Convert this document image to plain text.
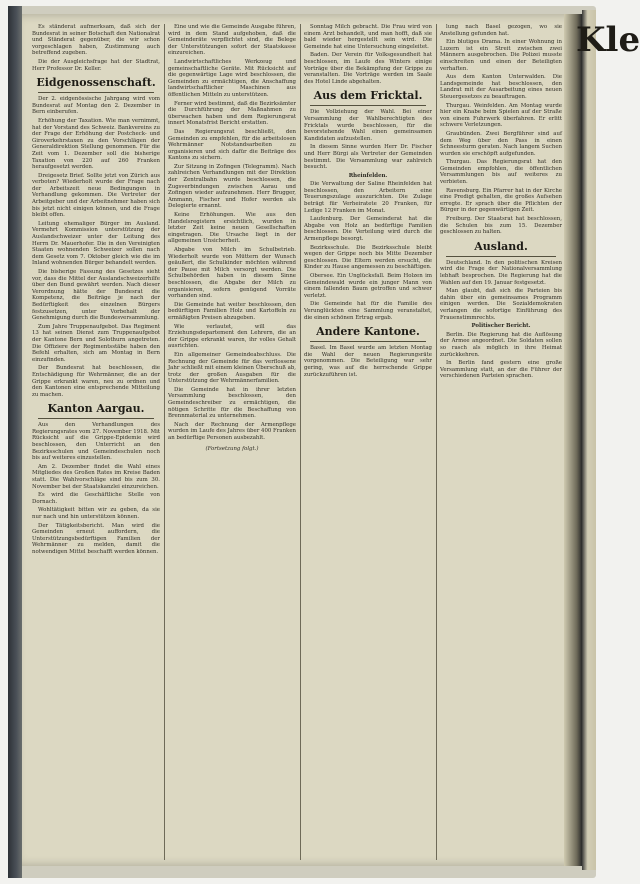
Es ständerat aufmerksam, daß sich der Bundesrat in seiner Botschaft den Nationalrat und Ständerat gegenüber, die wir schon vorgeschlagen haben, Zustimmung auch betreffend zugeben.
Die der Ausgleichsfrage hat der Stadtrat, Herr Professor Dr. Keller.
Eidgenossenschaft.
Der 2. eidgenössische Jahrgang wird vom Bundesrat auf Montag den 2. Dezember in Bern einberufen.
Erhöhung der Taxation. Wie man vernimmt, hat der Vorstand des Schweiz. Bankvereins zu der Frage der Erhöhung der Postcheck- und Giroverkehrstaxen zu den Vorschlägen der Generaldirektion Stellung genommen. Für die Zeit vom 1. Dezember soll die bisherige Taxation von 220 auf 260 Franken heraufgesetzt werden.
Dreigesetz Brief. Sollte jetzt von Zürich aus verboten? Wiederholt wurde der Frage nach der Arbeitszeit neue Bedingungen in Verhandlung gekommen. Die Vertreter der Arbeitgeber und der Arbeitnehmer haben sich bis jetzt nicht einigen können, und die Frage bleibt offen.
Leitung ehemaliger Bürger im Ausland. Vermehrt Kommission unterstützung der Auslandschweizer unter der Leitung des Herrn Dr. Mauerhofer. Die in den Vereinigten Staaten wohnenden Schweizer sollen nach dem Gesetz vom 7. Oktober gleich wie die im Inland wohnenden Bürger behandelt werden.
Die bisherige Fassung des Gesetzes sieht vor, dass die Mittel der Auslandschweizerhilfe über den Bund gewährt werden. Nach dieser Verordnung hätte der Bundesrat die Kompetenz, die Beiträge je nach der Bedürftigkeit des einzelnen Bürgers festzusetzen, unter Vorbehalt der Genehmigung durch die Bundesversammlung.
Zum Jahre Truppenaufgebot. Das Regiment 13 hat seinen Dienst zum Truppenaufgebot der Kantone Bern und Solothurn angetreten. Die Offiziere der Regimentsstäbe haben den Befehl erhalten, sich am Montag in Bern einzufinden.
Der Bundesrat hat beschlossen, die Entschädigung für Wehrmänner, die an der Grippe erkrankt waren, neu zu ordnen und den Kantonen eine entsprechende Mitteilung zu machen.
Kanton Aargau.
Aus den Verhandlungen des Regierungsrates vom 27. November 1918. Mit Rücksicht auf die Grippe-Epidemie wird beschlossen, den Unterricht an den Bezirksschulen und Gemeindeschulen noch bis auf weiteres einzustellen.
Am 2. Dezember findet die Wahl eines Mitgliedes des Großen Rates im Kreise Baden statt. Die Wahlvorschläge sind bis zum 30. November bei der Staatskanzlei einzureichen.
Es wird die Geschäftliche Stelle von Dornach.
Wohltätigkeit bitten wir zu geben, da sie nur nach und hin unterstützen können.
Der Tätigkeitsbericht. Man wird die Gemeinden erneut auffordern, die Unterstützungsbedürftigen Familien der Wehrmänner zu melden, damit die notwendigen Mittel beschafft werden können.
Eine und wie die Gemeinde Ausgabe führen, wird in dem Stand aufgehoben, daß die Gemeinderäte verpflichtet sind, die Belege der Unterstützungen sofort der Staatskasse einzureichen.
Landwirtschaftliches Werkzeug und gemeinschaftliche Geräte. Mit Rücksicht auf die gegenwärtige Lage wird beschlossen, die Gemeinden zu ermächtigen, die Anschaffung landwirtschaftlicher Maschinen aus öffentlichen Mitteln zu unterstützen.
Ferner wird bestimmt, daß die Bezirksämter die Durchführung der Maßnahmen zu überwachen haben und dem Regierungsrat innert Monatsfrist Bericht erstatten.
Das Regierungsrat beschließt, den Gemeinden zu empfehlen, für die arbeitslosen Wehrmänner Notstandsarbeiten zu organisieren und sich dafür die Beiträge des Kantons zu sichern.
Zur Sitzung in Zofingen (Telegramm). Nach zahlreichen Verhandlungen mit der Direktion der Zentralbahn wurde beschlossen, die Zugsverbindungen zwischen Aarau und Zofingen wieder aufzunehmen. Herr Brugger, Ammann, Fischer und Hofer werden als Delegierte ernannt.
Keine Erhöhungen. Wie aus den Handelsregistern ersichtlich, wurden in letzter Zeit keine neuen Gesellschaften eingetragen. Die Ursache liegt in der allgemeinen Unsicherheit.
Abgabe von Milch im Schulbetrieb. Wiederholt wurde von Müttern der Wunsch geäußert, die Schulkinder möchten während der Pause mit Milch versorgt werden. Die Schulbehörden haben in diesem Sinne beschlossen, die Abgabe der Milch zu organisieren, sofern genügend Vorräte vorhanden sind.
Die Gemeinde hat weiter beschlossen, den bedürftigen Familien Holz und Kartoffeln zu ermäßigten Preisen abzugeben.
Wie verlautet, will das Erziehungsdepartement den Lehrern, die an der Grippe erkrankt waren, ihr volles Gehalt ausrichten.
Ein allgemeiner Gemeindeabschluss. Die Rechnung der Gemeinde für das verflossene Jahr schließt mit einem kleinen Überschuß ab, trotz der großen Ausgaben für die Unterstützung der Wehrmännerfamilien.
Die Gemeinde hat in ihrer letzten Versammlung beschlossen, den Gemeindeschreiber zu ermächtigen, die nötigen Schritte für die Beschaffung von Brennmaterial zu unternehmen.
Nach der Rechnung der Armenpflege wurden im Laufe des Jahres über 400 Franken an bedürftige Personen ausbezahlt.
(Fortsetzung folgt.)
Sonntag Milch gebracht. Die Frau wird von einem Arzt behandelt, und man hofft, daß sie bald wieder hergestellt sein wird. Die Gemeinde hat eine Untersuchung eingeleitet.
Baden. Der Verein für Volksgesundheit hat beschlossen, im Laufe des Winters einige Vorträge über die Bekämpfung der Grippe zu veranstalten. Die Vorträge werden im Saale des Hotel Linde abgehalten.
Aus dem Fricktal.
Die Vollziehung der Wahl. Bei einer Versammlung der Wahlberechtigten des Fricktals wurde beschlossen, für die bevorstehende Wahl einen gemeinsamen Kandidaten aufzustellen.
In diesem Sinne wurden Herr Dr. Fischer und Herr Bürgi als Vertreter der Gemeinden bestimmt. Die Versammlung war zahlreich besucht.
Rheinfelden.
Die Verwaltung der Saline Rheinfelden hat beschlossen, den Arbeitern eine Teuerungszulage auszurichten. Die Zulage beträgt für Verheiratete 20 Franken, für Ledige 12 Franken im Monat.
Laufenburg. Der Gemeinderat hat die Abgabe von Holz an bedürftige Familien beschlossen. Die Verteilung wird durch die Armenpflege besorgt.
Bezirksschule. Die Bezirksschule bleibt wegen der Grippe noch bis Mitte Dezember geschlossen. Die Eltern werden ersucht, die Kinder zu Hause angemessen zu beschäftigen.
Obersee. Ein Unglücksfall. Beim Holzen im Gemeindewald wurde ein junger Mann von einem fallenden Baum getroffen und schwer verletzt.
Die Gemeinde hat für die Familie des Verunglückten eine Sammlung veranstaltet, die einen schönen Ertrag ergab.
Andere Kantone.
Basel. Im Basel wurde am letzten Montag die Wahl der neuen Regierungsräte vorgenommen. Die Beteiligung war sehr gering, was auf die herrschende Grippe zurückzuführen ist.
lung nach Basel gezogen, wo sie Anstellung gefunden hat.
Ein blutiges Drama. In einer Wohnung in Luzern ist ein Streit zwischen zwei Männern ausgebrochen. Die Polizei musste einschreiten und einen der Beteiligten verhaften.
Aus dem Kanton Unterwalden. Die Landsgemeinde hat beschlossen, den Landrat mit der Ausarbeitung eines neuen Steuergesetzes zu beauftragen.
Thurgau. Weinfelden. Am Montag wurde hier ein Knabe beim Spielen auf der Straße von einem Fuhrwerk überfahren. Er erlitt schwere Verletzungen.
Graubünden. Zwei Bergführer sind auf dem Weg über den Pass in einen Schneesturm geraten. Nach langem Suchen wurden sie erschöpft aufgefunden.
Thurgau. Das Regierungsrat hat den Gemeinden empfohlen, die öffentlichen Versammlungen bis auf weiteres zu verbieten.
Ravensburg. Ein Pfarrer hat in der Kirche eine Predigt gehalten, die großes Aufsehen erregte. Er sprach über die Pflichten der Bürger in der gegenwärtigen Zeit.
Freiburg. Der Staatsrat hat beschlossen, die Schulen bis zum 15. Dezember geschlossen zu halten.
Ausland.
Deutschland. In den politischen Kreisen wird die Frage der Nationalversammlung lebhaft besprochen. Die Regierung hat die Wahlen auf den 19. Januar festgesetzt.
Man glaubt, daß sich die Parteien bis dahin über ein gemeinsames Programm einigen werden. Die Sozialdemokraten verlangen die sofortige Einführung des Frauenstimmrechts.
Politischer Bericht.
Berlin. Die Regierung hat die Auflösung der Armee angeordnet. Die Soldaten sollen so rasch als möglich in ihre Heimat zurückkehren.
In Berlin fand gestern eine große Versammlung statt, an der die Führer der verschiedenen Parteien sprachen.
Kle
